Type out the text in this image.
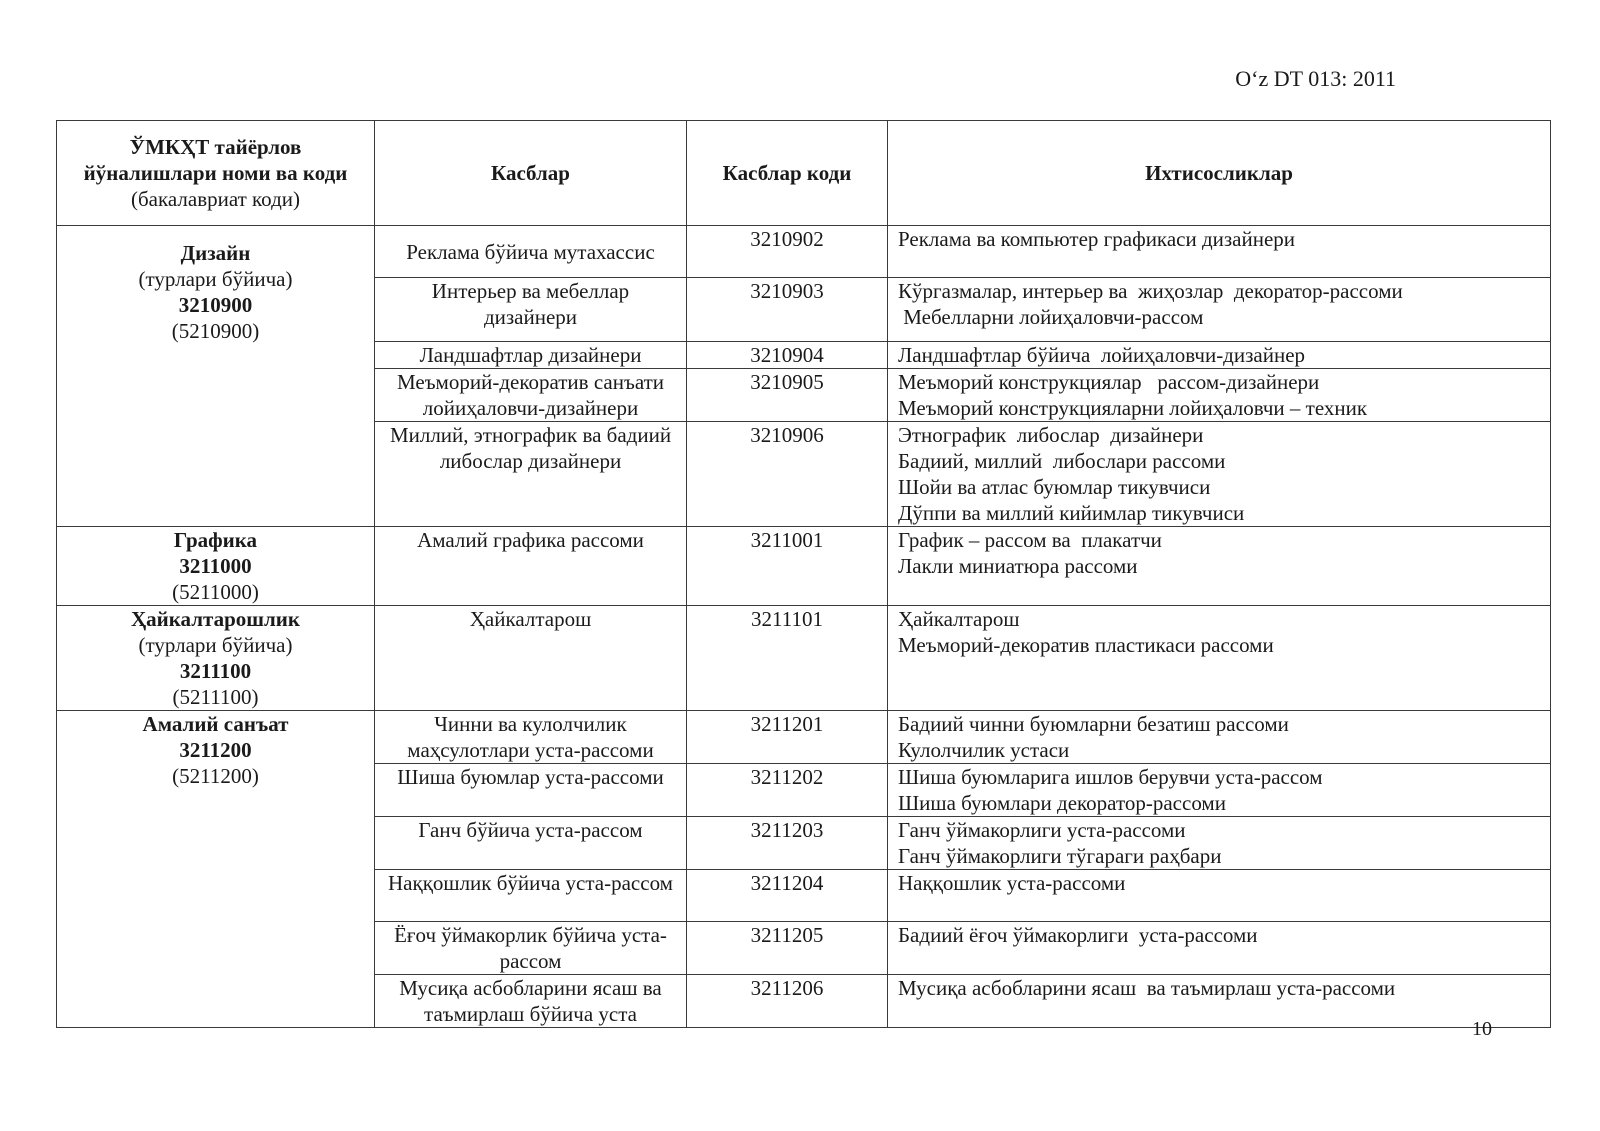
O‘z DT 013: 2011
ЎМКҲТ тайёрлов
йўналишлари номи ва коди
(бакалавриат коди)	Касблар	Касблар коди	Ихтисосликлар

Дизайн
(турлари бўйича)
3210900
(5210900)	Реклама бўйича мутахассис	3210902	Реклама ва компьютер графикаси дизайнери

	Интерьер ва мебеллар дизайнери	3210903	Кўргазмалар, интерьер ва  жиҳозлар  декоратор-рассоми
Мебелларни лойиҳаловчи-рассом

	Ландшафтлар дизайнери	3210904	Ландшафтлар бўйича  лойиҳаловчи-дизайнер

	Меъморий-декоратив санъати лойиҳаловчи-дизайнери	3210905	Меъморий конструкциялар   рассом-дизайнери
Меъморий конструкцияларни лойиҳаловчи – техник

	Миллий, этнографик ва бадиий либослар дизайнери	3210906	Этнографик  либослар  дизайнери
Бадиий, миллий  либослари рассоми
Шойи ва атлас буюмлар тикувчиси
Дўппи ва миллий кийимлар тикувчиси

Графика
3211000
(5211000)	Амалий графика рассоми	3211001	График – рассом ва  плакатчи
Лакли миниатюра рассоми

Ҳайкалтарошлик
(турлари бўйича)
3211100
(5211100)	Ҳайкалтарош	3211101	Ҳайкалтарош
Меъморий-декоратив пластикаси рассоми

Амалий санъат
3211200
(5211200)	Чинни ва кулолчилик маҳсулотлари уста-рассоми	3211201	Бадиий чинни буюмларни безатиш рассоми
Кулолчилик устаси

	Шиша буюмлар уста-рассоми	3211202	Шиша буюмларига ишлов берувчи уста-рассом
Шиша буюмлари декоратор-рассоми

	Ганч бўйича уста-рассом	3211203	Ганч ўймакорлиги уста-рассоми
Ганч ўймакорлиги тўгараги раҳбари

	Наққошлик бўйича уста-рассом	3211204	Наққошлик уста-рассоми

	Ёғоч ўймакорлик бўйича уста-рассом	3211205	Бадиий ёғоч ўймакорлиги  уста-рассоми

	Мусиқа асбобларини ясаш ва таъмирлаш бўйича уста	3211206	Мусиқа асбобларини ясаш  ва таъмирлаш уста-рассоми
10
